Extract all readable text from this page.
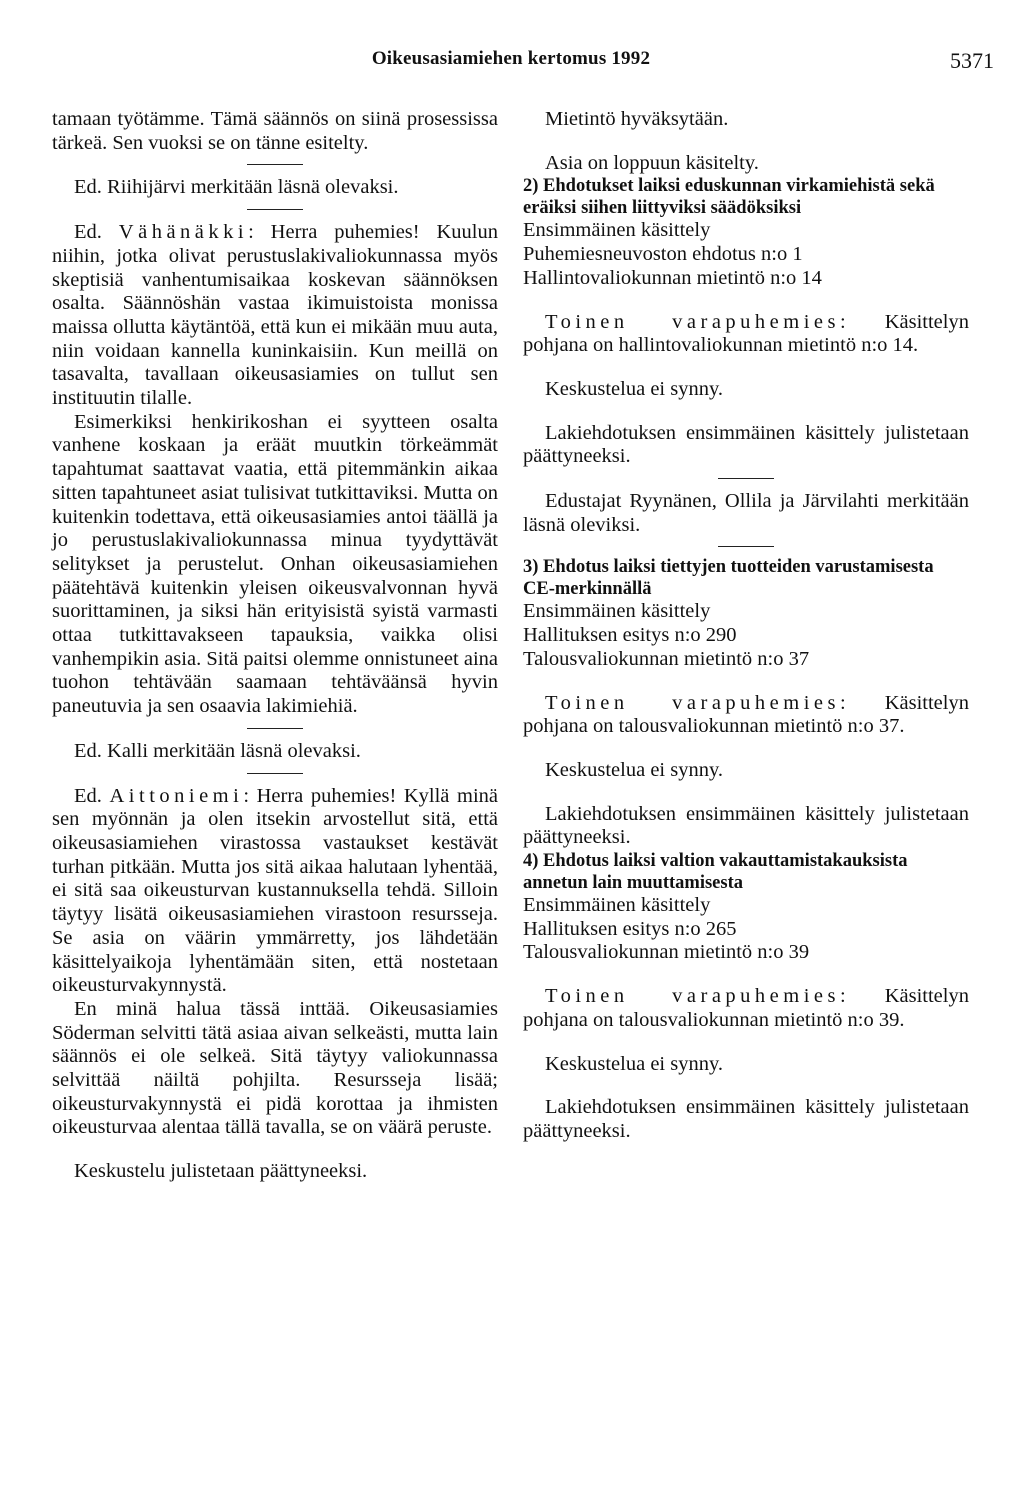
Oikeusasiamiehen kertomus 1992	5371

tamaan työtämme. Tämä säännös on siinä prosessissa tärkeä. Sen vuoksi se on tänne esitelty.

Ed. Riihijärvi merkitään läsnä olevaksi.

Ed. Vähänäkki: Herra puhemies! Kuulun niihin, jotka olivat perustuslakivaliokunnassa myös skeptisiä vanhentumisaikaa koskevan säännöksen osalta. Säännöshän vastaa ikimuistoista monissa maissa ollutta käytäntöä, että kun ei mikään muu auta, niin voidaan kannella kuninkaisiin. Kun meillä on tasavalta, tavallaan oikeusasiamies on tullut sen instituutin tilalle.

Esimerkiksi henkirikoshan ei syytteen osalta vanhene koskaan ja eräät muutkin törkeämmät tapahtumat saattavat vaatia, että pitemmänkin aikaa sitten tapahtuneet asiat tulisivat tutkittaviksi. Mutta on kuitenkin todettava, että oikeusasiamies antoi täällä ja jo perustuslakivaliokunnassa minua tyydyttävät selitykset ja perustelut. Onhan oikeusasiamiehen päätehtävä kuitenkin yleisen oikeusvalvonnan hyvä suorittaminen, ja siksi hän erityisistä syistä varmasti ottaa tutkittavakseen tapauksia, vaikka olisi vanhempikin asia. Sitä paitsi olemme onnistuneet aina tuohon tehtävään saamaan tehtäväänsä hyvin paneutuvia ja sen osaavia lakimiehiä.

Ed. Kalli merkitään läsnä olevaksi.

Ed. Aittoniemi: Herra puhemies! Kyllä minä sen myönnän ja olen itsekin arvostellut sitä, että oikeusasiamiehen virastossa vastaukset kestävät turhan pitkään. Mutta jos sitä aikaa halutaan lyhentää, ei sitä saa oikeusturvan kustannuksella tehdä. Silloin täytyy lisätä oikeusasiamiehen virastoon resursseja. Se asia on väärin ymmärretty, jos lähdetään käsittelyaikoja lyhentämään siten, että nostetaan oikeusturvakynnystä.

En minä halua tässä inttää. Oikeusasiamies Söderman selvitti tätä asiaa aivan selkeästi, mutta lain säännös ei ole selkeä. Sitä täytyy valiokunnassa selvittää näiltä pohjilta. Resursseja lisää; oikeusturvakynnystä ei pidä korottaa ja ihmisten oikeusturvaa alentaa tällä tavalla, se on väärä peruste.

Keskustelu julistetaan päättyneeksi.

Mietintö hyväksytään.

Asia on loppuun käsitelty.

2) Ehdotukset laiksi eduskunnan virkamiehistä sekä eräiksi siihen liittyviksi säädöksiksi

Ensimmäinen käsittely

Puhemiesneuvoston ehdotus n:o 1

Hallintovaliokunnan mietintö n:o 14

Toinen varapuhemies: Käsittelyn pohjana on hallintovaliokunnan mietintö n:o 14.

Keskustelua ei synny.

Lakiehdotuksen ensimmäinen käsittely julistetaan päättyneeksi.

Edustajat Ryynänen, Ollila ja Järvilahti merkitään läsnä oleviksi.

3) Ehdotus laiksi tiettyjen tuotteiden varustamisesta CE-merkinnällä

Ensimmäinen käsittely

Hallituksen esitys n:o 290

Talousvaliokunnan mietintö n:o 37

Toinen varapuhemies: Käsittelyn pohjana on talousvaliokunnan mietintö n:o 37.

Keskustelua ei synny.

Lakiehdotuksen ensimmäinen käsittely julistetaan päättyneeksi.

4) Ehdotus laiksi valtion vakauttamistakauksista annetun lain muuttamisesta

Ensimmäinen käsittely

Hallituksen esitys n:o 265

Talousvaliokunnan mietintö n:o 39

Toinen varapuhemies: Käsittelyn pohjana on talousvaliokunnan mietintö n:o 39.

Keskustelua ei synny.

Lakiehdotuksen ensimmäinen käsittely julistetaan päättyneeksi.
